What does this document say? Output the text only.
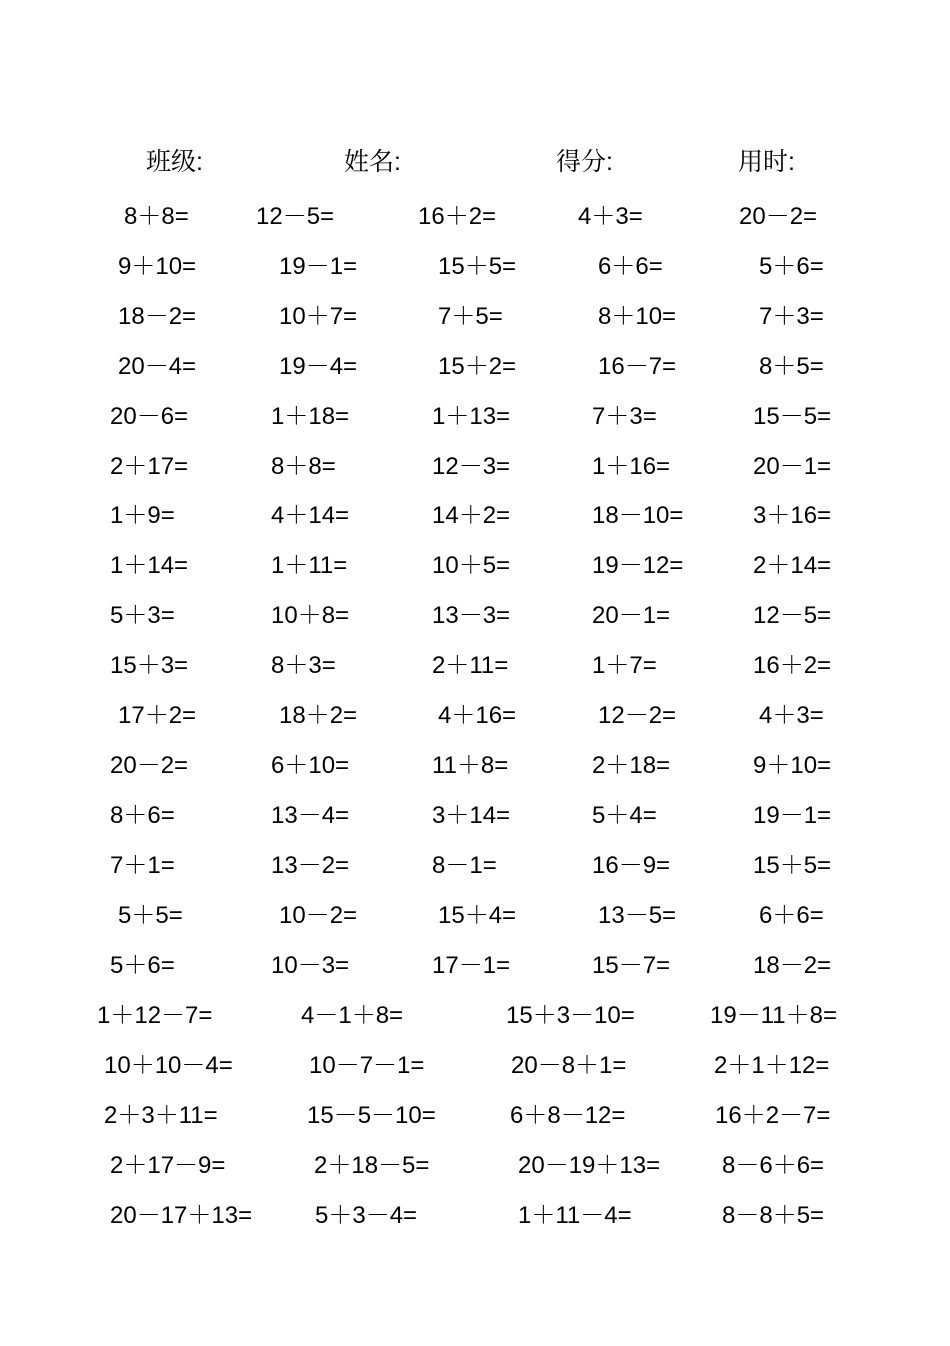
班级:	姓名:	得分:	用时:
8＋8=	12－5=	16＋2=	4＋3=	20－2=
9＋10=	19－1=	15＋5=	6＋6=	5＋6=
18－2=	10＋7=	7＋5=	8＋10=	7＋3=
20－4=	19－4=	15＋2=	16－7=	8＋5=
20－6=	1＋18=	1＋13=	7＋3=	15－5=
2＋17=	8＋8=	12－3=	1＋16=	20－1=
1＋9=	4＋14=	14＋2=	18－10=	3＋16=
1＋14=	1＋11=	10＋5=	19－12=	2＋14=
5＋3=	10＋8=	13－3=	20－1=	12－5=
15＋3=	8＋3=	2＋11=	1＋7=	16＋2=
17＋2=	18＋2=	4＋16=	12－2=	4＋3=
20－2=	6＋10=	11＋8=	2＋18=	9＋10=
8＋6=	13－4=	3＋14=	5＋4=	19－1=
7＋1=	13－2=	8－1=	16－9=	15＋5=
5＋5=	10－2=	15＋4=	13－5=	6＋6=
5＋6=	10－3=	17－1=	15－7=	18－2=
1＋12－7=	4－1＋8=	15＋3－10=	19－11＋8=
10＋10－4=	10－7－1=	20－8＋1=	2＋1＋12=
2＋3＋11=	15－5－10=	6＋8－12=	16＋2－7=
2＋17－9=	2＋18－5=	20－19＋13=	8－6＋6=
20－17＋13=	5＋3－4=	1＋11－4=	8－8＋5=
